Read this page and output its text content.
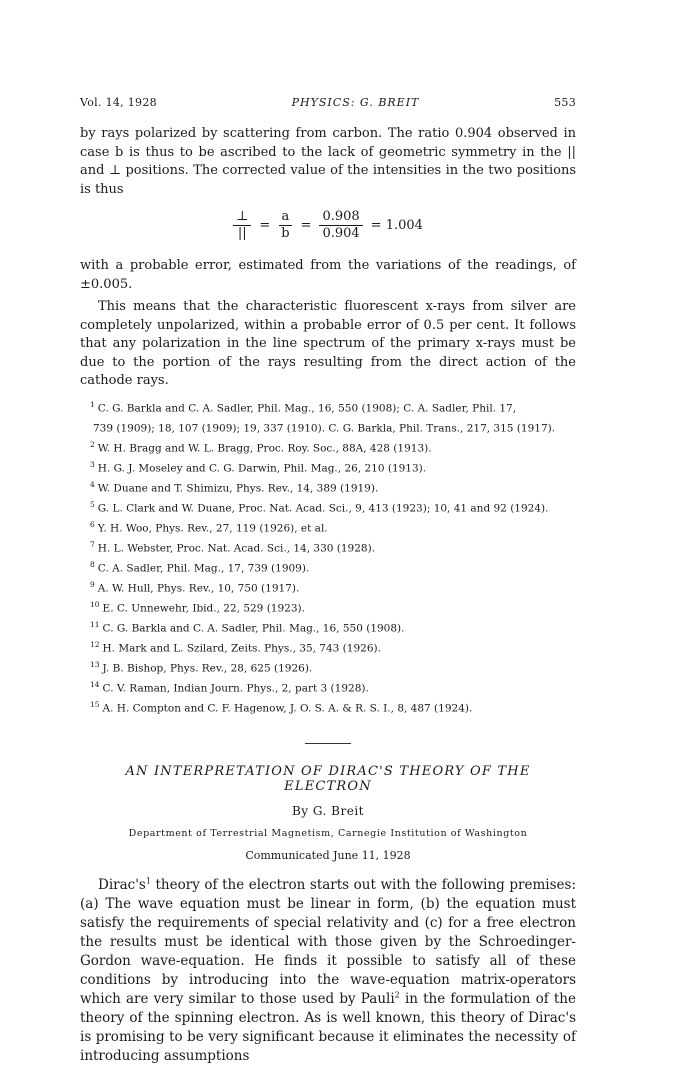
Vol. 14, 1928	PHYSICS: G. BREIT	553

by rays polarized by scattering from carbon. The ratio 0.904 observed in case b is thus to be ascribed to the lack of geometric symmetry in the || and ⊥ positions. The corrected value of the intensities in the two positions is thus

$\frac{\perp}{||} = \frac{a}{b} = \frac{0.908}{0.904} = 1.004$

with a probable error, estimated from the variations of the readings, of ±0.005.

This means that the characteristic fluorescent x-rays from silver are completely unpolarized, within a probable error of 0.5 per cent. It follows that any polarization in the line spectrum of the primary x-rays must be due to the portion of the rays resulting from the direct action of the cathode rays.

$^1$ C. G. Barkla and C. A. Sadler, Phil. Mag., 16, 550 (1908); C. A. Sadler, Phil. 17,
739 (1909); 18, 107 (1909); 19, 337 (1910). C. G. Barkla, Phil. Trans., 217, 315 (1917).
$^2$ W. H. Bragg and W. L. Bragg, Proc. Roy. Soc., 88A, 428 (1913).
$^3$ H. G. J. Moseley and C. G. Darwin, Phil. Mag., 26, 210 (1913).
$^4$ W. Duane and T. Shimizu, Phys. Rev., 14, 389 (1919).
$^5$ G. L. Clark and W. Duane, Proc. Nat. Acad. Sci., 9, 413 (1923); 10, 41 and 92 (1924).
$^6$ Y. H. Woo, Phys. Rev., 27, 119 (1926), et al.
$^7$ H. L. Webster, Proc. Nat. Acad. Sci., 14, 330 (1928).
$^8$ C. A. Sadler, Phil. Mag., 17, 739 (1909).
$^9$ A. W. Hull, Phys. Rev., 10, 750 (1917).
$^{10}$ E. C. Unnewehr, Ibid., 22, 529 (1923).
$^{11}$ C. G. Barkla and C. A. Sadler, Phil. Mag., 16, 550 (1908).
$^{12}$ H. Mark and L. Szilard, Zeits. Phys., 35, 743 (1926).
$^{13}$ J. B. Bishop, Phys. Rev., 28, 625 (1926).
$^{14}$ C. V. Raman, Indian Journ. Phys., 2, part 3 (1928).
$^{15}$ A. H. Compton and C. F. Hagenow, J. O. S. A. & R. S. I., 8, 487 (1924).
AN INTERPRETATION OF DIRAC'S THEORY OF THE ELECTRON
By G. Breit
Department of Terrestrial Magnetism, Carnegie Institution of Washington
Communicated June 11, 1928

Dirac's$^1$ theory of the electron starts out with the following premises: (a) The wave equation must be linear in form, (b) the equation must satisfy the requirements of special relativity and (c) for a free electron the results must be identical with those given by the Schroedinger-Gordon wave-equation. He finds it possible to satisfy all of these conditions by introducing into the wave-equation matrix-operators which are very similar to those used by Pauli$^2$ in the formulation of the theory of the spinning electron. As is well known, this theory of Dirac's is promising to be very significant because it eliminates the necessity of introducing assumptions
